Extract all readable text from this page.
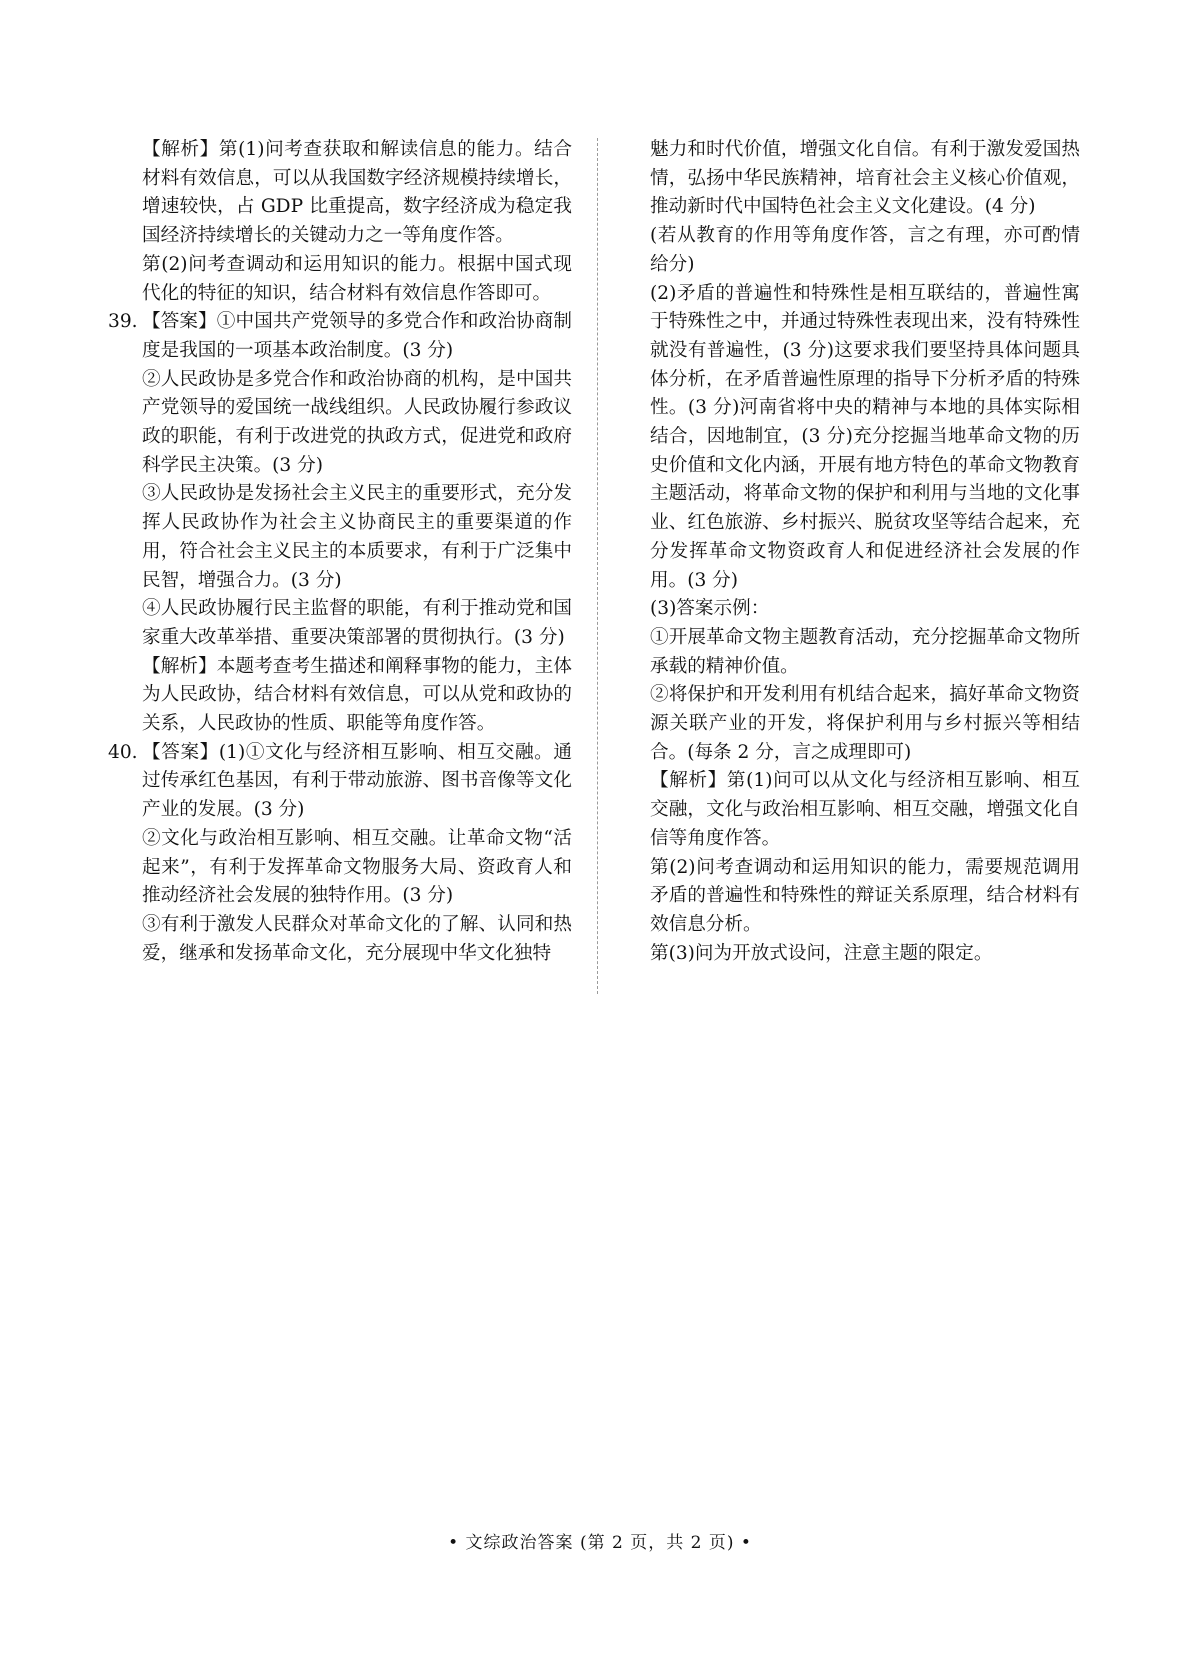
【解析】第(1)问考查获取和解读信息的能力。结合材料有效信息，可以从我国数字经济规模持续增长，增速较快，占 GDP 比重提高，数字经济成为稳定我国经济持续增长的关键动力之一等角度作答。

第(2)问考查调动和运用知识的能力。根据中国式现代化的特征的知识，结合材料有效信息作答即可。

39. 【答案】①中国共产党领导的多党合作和政治协商制度是我国的一项基本政治制度。(3 分)

②人民政协是多党合作和政治协商的机构，是中国共产党领导的爱国统一战线组织。人民政协履行参政议政的职能，有利于改进党的执政方式，促进党和政府科学民主决策。(3 分)

③人民政协是发扬社会主义民主的重要形式，充分发挥人民政协作为社会主义协商民主的重要渠道的作用，符合社会主义民主的本质要求，有利于广泛集中民智，增强合力。(3 分)

④人民政协履行民主监督的职能，有利于推动党和国家重大改革举措、重要决策部署的贯彻执行。(3 分)

【解析】本题考查考生描述和阐释事物的能力，主体为人民政协，结合材料有效信息，可以从党和政协的关系，人民政协的性质、职能等角度作答。

40. 【答案】(1)①文化与经济相互影响、相互交融。通过传承红色基因，有利于带动旅游、图书音像等文化产业的发展。(3 分)

②文化与政治相互影响、相互交融。让革命文物“活起来”，有利于发挥革命文物服务大局、资政育人和推动经济社会发展的独特作用。(3 分)

③有利于激发人民群众对革命文化的了解、认同和热爱，继承和发扬革命文化，充分展现中华文化独特

魅力和时代价值，增强文化自信。有利于激发爱国热情，弘扬中华民族精神，培育社会主义核心价值观，推动新时代中国特色社会主义文化建设。(4 分)

(若从教育的作用等角度作答，言之有理，亦可酌情给分)

(2)矛盾的普遍性和特殊性是相互联结的，普遍性寓于特殊性之中，并通过特殊性表现出来，没有特殊性就没有普遍性，(3 分)这要求我们要坚持具体问题具体分析，在矛盾普遍性原理的指导下分析矛盾的特殊性。(3 分)河南省将中央的精神与本地的具体实际相结合，因地制宜，(3 分)充分挖掘当地革命文物的历史价值和文化内涵，开展有地方特色的革命文物教育主题活动，将革命文物的保护和利用与当地的文化事业、红色旅游、乡村振兴、脱贫攻坚等结合起来，充分发挥革命文物资政育人和促进经济社会发展的作用。(3 分)

(3)答案示例：

①开展革命文物主题教育活动，充分挖掘革命文物所承载的精神价值。

②将保护和开发利用有机结合起来，搞好革命文物资源关联产业的开发，将保护利用与乡村振兴等相结合。(每条 2 分，言之成理即可)

【解析】第(1)问可以从文化与经济相互影响、相互交融，文化与政治相互影响、相互交融，增强文化自信等角度作答。

第(2)问考查调动和运用知识的能力，需要规范调用矛盾的普遍性和特殊性的辩证关系原理，结合材料有效信息分析。

第(3)问为开放式设问，注意主题的限定。

• 文综政治答案 (第 2 页，共 2 页) •
